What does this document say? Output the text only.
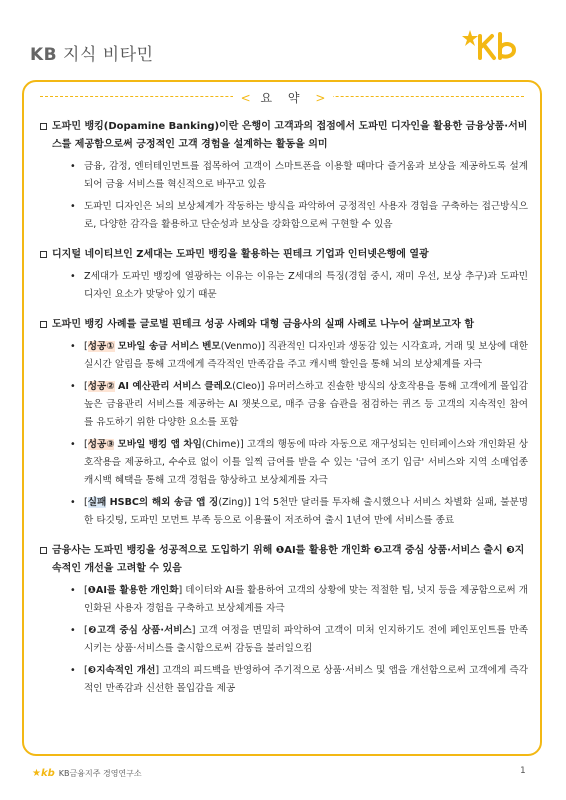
KB 지식 비타민
< 요 약 >
도파민 뱅킹(Dopamine Banking)이란 은행이 고객과의 접점에서 도파민 디자인을 활용한 금융상품·서비스를 제공함으로써 긍정적인 고객 경험을 설계하는 활동을 의미
• 금융, 감정, 엔터테인먼트를 접목하여 고객이 스마트폰을 이용할 때마다 즐거움과 보상을 제공하도록 설계되어 금융 서비스를 혁신적으로 바꾸고 있음
• 도파민 디자인은 뇌의 보상체계가 작동하는 방식을 파악하여 긍정적인 사용자 경험을 구축하는 접근방식으로, 다양한 감각을 활용하고 단순성과 보상을 강화함으로써 구현할 수 있음
디지털 네이티브인 Z세대는 도파민 뱅킹을 활용하는 핀테크 기업과 인터넷은행에 열광
• Z세대가 도파민 뱅킹에 열광하는 이유는 이유는 Z세대의 특징(경험 중시, 재미 우선, 보상 추구)과 도파민 디자인 요소가 맞닿아 있기 때문
도파민 뱅킹 사례를 글로벌 핀테크 성공 사례와 대형 금융사의 실패 사례로 나누어 살펴보고자 함
• [성공① 모바일 송금 서비스 벤모(Venmo)] 직관적인 디자인과 생동감 있는 시각효과, 거래 및 보상에 대한 실시간 알림을 통해 고객에게 즉각적인 만족감을 주고 캐시백 할인을 통해 뇌의 보상체계를 자극
• [성공② AI 예산관리 서비스 클레오(Cleo)] 유머러스하고 진솔한 방식의 상호작용을 통해 고객에게 몰입감 높은 금융관리 서비스를 제공하는 AI 챗봇으로, 매주 금융 습관을 점검하는 퀴즈 등 고객의 지속적인 참여를 유도하기 위한 다양한 요소를 포함
• [성공③ 모바일 뱅킹 앱 차임(Chime)] 고객의 행동에 따라 자동으로 재구성되는 인터페이스와 개인화된 상호작용을 제공하고, 수수료 없이 이틀 일찍 급여를 받을 수 있는 '급여 조기 입금' 서비스와 지역 소매업종 캐시백 혜택을 통해 고객 경험을 향상하고 보상체계를 자극
• [실패 HSBC의 해외 송금 앱 징(Zing)] 1억 5천만 달러를 투자해 출시했으나 서비스 차별화 실패, 불분명한 타깃팅, 도파민 모먼트 부족 등으로 이용률이 저조하여 출시 1년여 만에 서비스를 종료
금융사는 도파민 뱅킹을 성공적으로 도입하기 위해 ❶AI를 활용한 개인화 ❷고객 중심 상품·서비스 출시 ❸지속적인 개선을 고려할 수 있음
• [❶AI를 활용한 개인화] 데이터와 AI를 활용하여 고객의 상황에 맞는 적절한 팁, 넛지 등을 제공함으로써 개인화된 사용자 경험을 구축하고 보상체계를 자극
• [❷고객 중심 상품·서비스] 고객 여정을 면밀히 파악하여 고객이 미처 인지하기도 전에 페인포인트를 만족시키는 상품·서비스를 출시함으로써 감동을 불러일으킴
• [❸지속적인 개선] 고객의 피드백을 반영하여 주기적으로 상품·서비스 및 앱을 개선함으로써 고객에게 즉각적인 만족감과 신선한 몰입감을 제공
★kb KB금융지주 경영연구소	1
